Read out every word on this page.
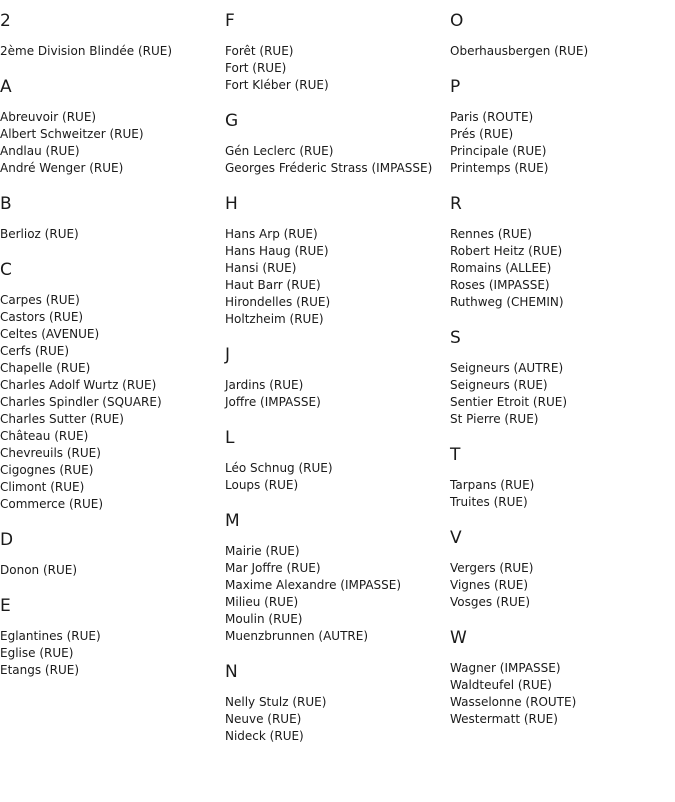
2
2ème Division Blindée (RUE)
A
Abreuvoir (RUE)
Albert Schweitzer (RUE)
Andlau (RUE)
André Wenger (RUE)
B
Berlioz (RUE)
C
Carpes (RUE)
Castors (RUE)
Celtes (AVENUE)
Cerfs (RUE)
Chapelle (RUE)
Charles Adolf Wurtz (RUE)
Charles Spindler (SQUARE)
Charles Sutter (RUE)
Château (RUE)
Chevreuils (RUE)
Cigognes (RUE)
Climont (RUE)
Commerce (RUE)
D
Donon (RUE)
E
Eglantines (RUE)
Eglise (RUE)
Etangs (RUE)
F
Forêt (RUE)
Fort (RUE)
Fort Kléber (RUE)
G
Gén Leclerc (RUE)
Georges Fréderic Strass (IMPASSE)
H
Hans Arp (RUE)
Hans Haug (RUE)
Hansi (RUE)
Haut Barr (RUE)
Hirondelles (RUE)
Holtzheim (RUE)
J
Jardins (RUE)
Joffre (IMPASSE)
L
Léo Schnug (RUE)
Loups (RUE)
M
Mairie (RUE)
Mar Joffre (RUE)
Maxime Alexandre (IMPASSE)
Milieu (RUE)
Moulin (RUE)
Muenzbrunnen (AUTRE)
N
Nelly Stulz (RUE)
Neuve (RUE)
Nideck (RUE)
O
Oberhausbergen (RUE)
P
Paris (ROUTE)
Prés (RUE)
Principale (RUE)
Printemps (RUE)
R
Rennes (RUE)
Robert Heitz (RUE)
Romains (ALLEE)
Roses (IMPASSE)
Ruthweg (CHEMIN)
S
Seigneurs (AUTRE)
Seigneurs (RUE)
Sentier Etroit (RUE)
St Pierre (RUE)
T
Tarpans (RUE)
Truites (RUE)
V
Vergers (RUE)
Vignes (RUE)
Vosges (RUE)
W
Wagner (IMPASSE)
Waldteufel (RUE)
Wasselonne (ROUTE)
Westermatt (RUE)
